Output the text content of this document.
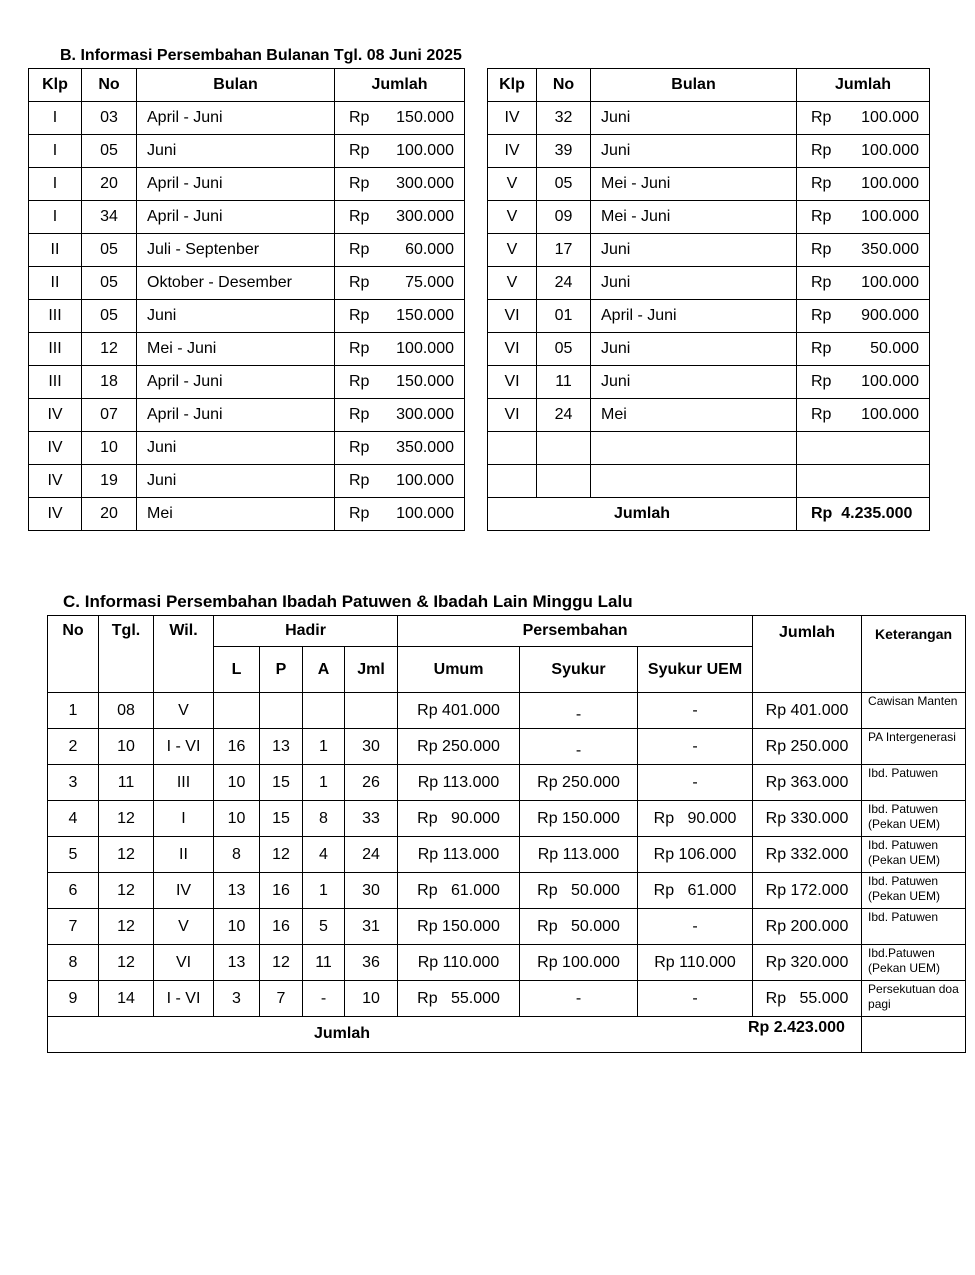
B. Informasi Persembahan Bulanan Tgl. 08 Juni 2025
Klp	No	Bulan	Jumlah
I	03	April - Juni	Rp 150.000

I	05	Juni	Rp 100.000

I	20	April - Juni	Rp 300.000

I	34	April - Juni	Rp 300.000

II	05	Juli - Septenber	Rp 60.000

II	05	Oktober - Desember	Rp 75.000

III	05	Juni	Rp 150.000

III	12	Mei - Juni	Rp 100.000

III	18	April - Juni	Rp 150.000

IV	07	April - Juni	Rp 300.000

IV	10	Juni	Rp 350.000

IV	19	Juni	Rp 100.000

IV	20	Mei	Rp 100.000
Klp	No	Bulan	Jumlah
IV	32	Juni	Rp 100.000

IV	39	Juni	Rp 100.000

V	05	Mei - Juni	Rp 100.000

V	09	Mei - Juni	Rp 100.000

V	17	Juni	Rp 350.000

V	24	Juni	Rp 100.000

VI	01	April - Juni	Rp 900.000

VI	05	Juni	Rp 50.000

VI	11	Juni	Rp 100.000

VI	24	Mei	Rp 100.000

Jumlah			Rp 4.235.000
C. Informasi Persembahan Ibadah Patuwen & Ibadah Lain Minggu Lalu
No	Tgl.	Wil.	Hadir				Persembahan			Jumlah	Keterangan
			L	P	A	Jml	Umum	Syukur	Syukur UEM		
1	08	V					Rp 401.000	-	-	Rp 401.000	Cawisan Manten
2	10	I - VI	16	13	1	30	Rp 250.000	-	-	Rp 250.000	PA Intergenerasi
3	11	III	10	15	1	26	Rp 113.000	Rp 250.000	-	Rp 363.000	Ibd. Patuwen
4	12	I	10	15	8	33	Rp   90.000	Rp 150.000	Rp   90.000	Rp 330.000	Ibd. Patuwen (Pekan UEM)
5	12	II	8	12	4	24	Rp 113.000	Rp 113.000	Rp 106.000	Rp 332.000	Ibd. Patuwen (Pekan UEM)
6	12	IV	13	16	1	30	Rp   61.000	Rp   50.000	Rp   61.000	Rp 172.000	Ibd. Patuwen (Pekan UEM)
7	12	V	10	16	5	31	Rp 150.000	Rp   50.000	-	Rp 200.000	Ibd. Patuwen
8	12	VI	13	12	11	36	Rp 110.000	Rp 100.000	Rp 110.000	Rp 320.000	Ibd.Patuwen (Pekan UEM)
9	14	I - VI	3	7	-	10	Rp   55.000	-	-	Rp   55.000	Persekutuan doa pagi

Jumlah Rp 2.423.000											
